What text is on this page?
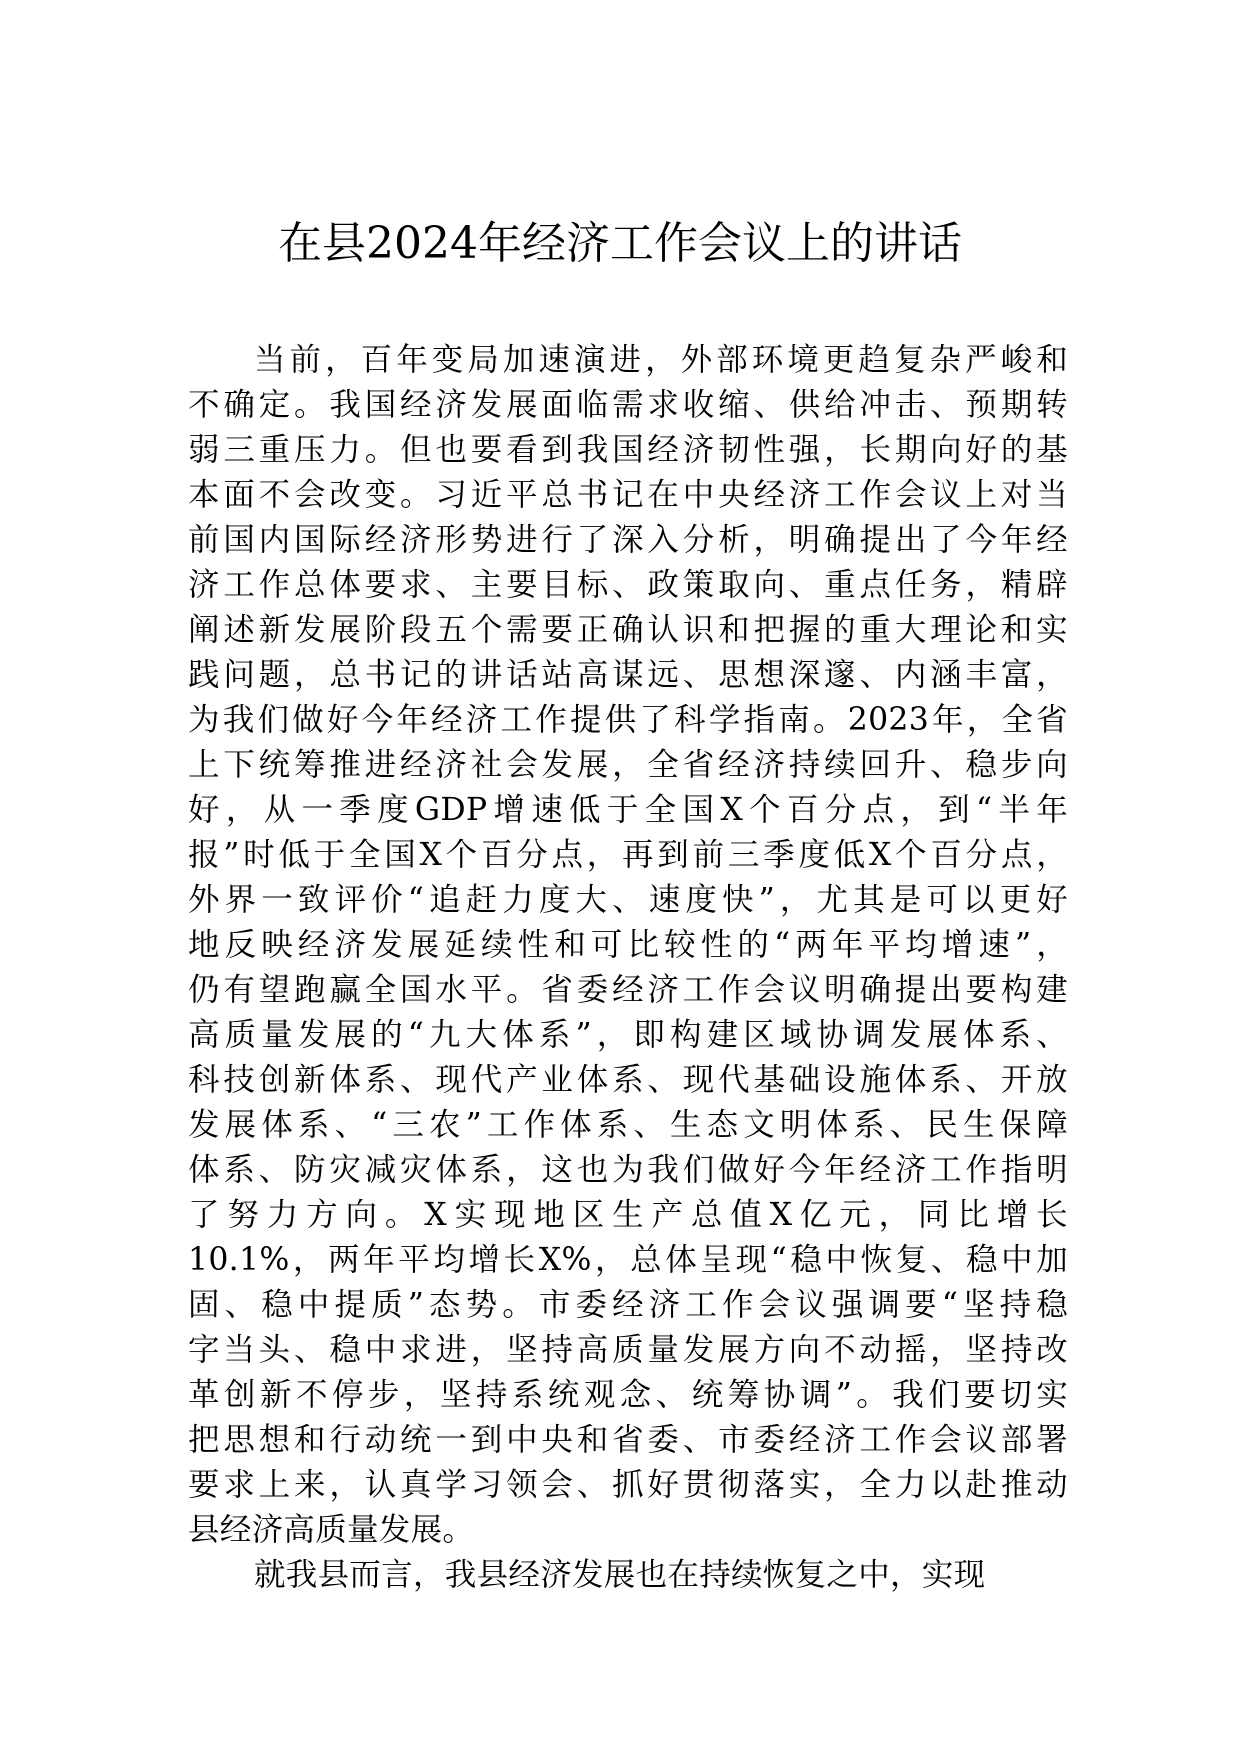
在县2024年经济工作会议上的讲话
当前，百年变局加速演进，外部环境更趋复杂严峻和
不确定。我国经济发展面临需求收缩、供给冲击、预期转
弱三重压力。但也要看到我国经济韧性强，长期向好的基
本面不会改变。习近平总书记在中央经济工作会议上对当
前国内国际经济形势进行了深入分析，明确提出了今年经
济工作总体要求、主要目标、政策取向、重点任务，精辟
阐述新发展阶段五个需要正确认识和把握的重大理论和实
践问题，总书记的讲话站高谋远、思想深邃、内涵丰富，
为我们做好今年经济工作提供了科学指南。2023年，全省
上下统筹推进经济社会发展，全省经济持续回升、稳步向
好，从一季度GDP增速低于全国X个百分点，到“半年
报”时低于全国X个百分点，再到前三季度低X个百分点，
外界一致评价“追赶力度大、速度快”，尤其是可以更好
地反映经济发展延续性和可比较性的“两年平均增速”，
仍有望跑赢全国水平。省委经济工作会议明确提出要构建
高质量发展的“九大体系”，即构建区域协调发展体系、
科技创新体系、现代产业体系、现代基础设施体系、开放
发展体系、“三农”工作体系、生态文明体系、民生保障
体系、防灾减灾体系，这也为我们做好今年经济工作指明
了努力方向。X实现地区生产总值X亿元，同比增长
10.1%，两年平均增长X%，总体呈现“稳中恢复、稳中加
固、稳中提质”态势。市委经济工作会议强调要“坚持稳
字当头、稳中求进，坚持高质量发展方向不动摇，坚持改
革创新不停步，坚持系统观念、统筹协调”。我们要切实
把思想和行动统一到中央和省委、市委经济工作会议部署
要求上来，认真学习领会、抓好贯彻落实，全力以赴推动
县经济高质量发展。
就我县而言，我县经济发展也在持续恢复之中，实现
